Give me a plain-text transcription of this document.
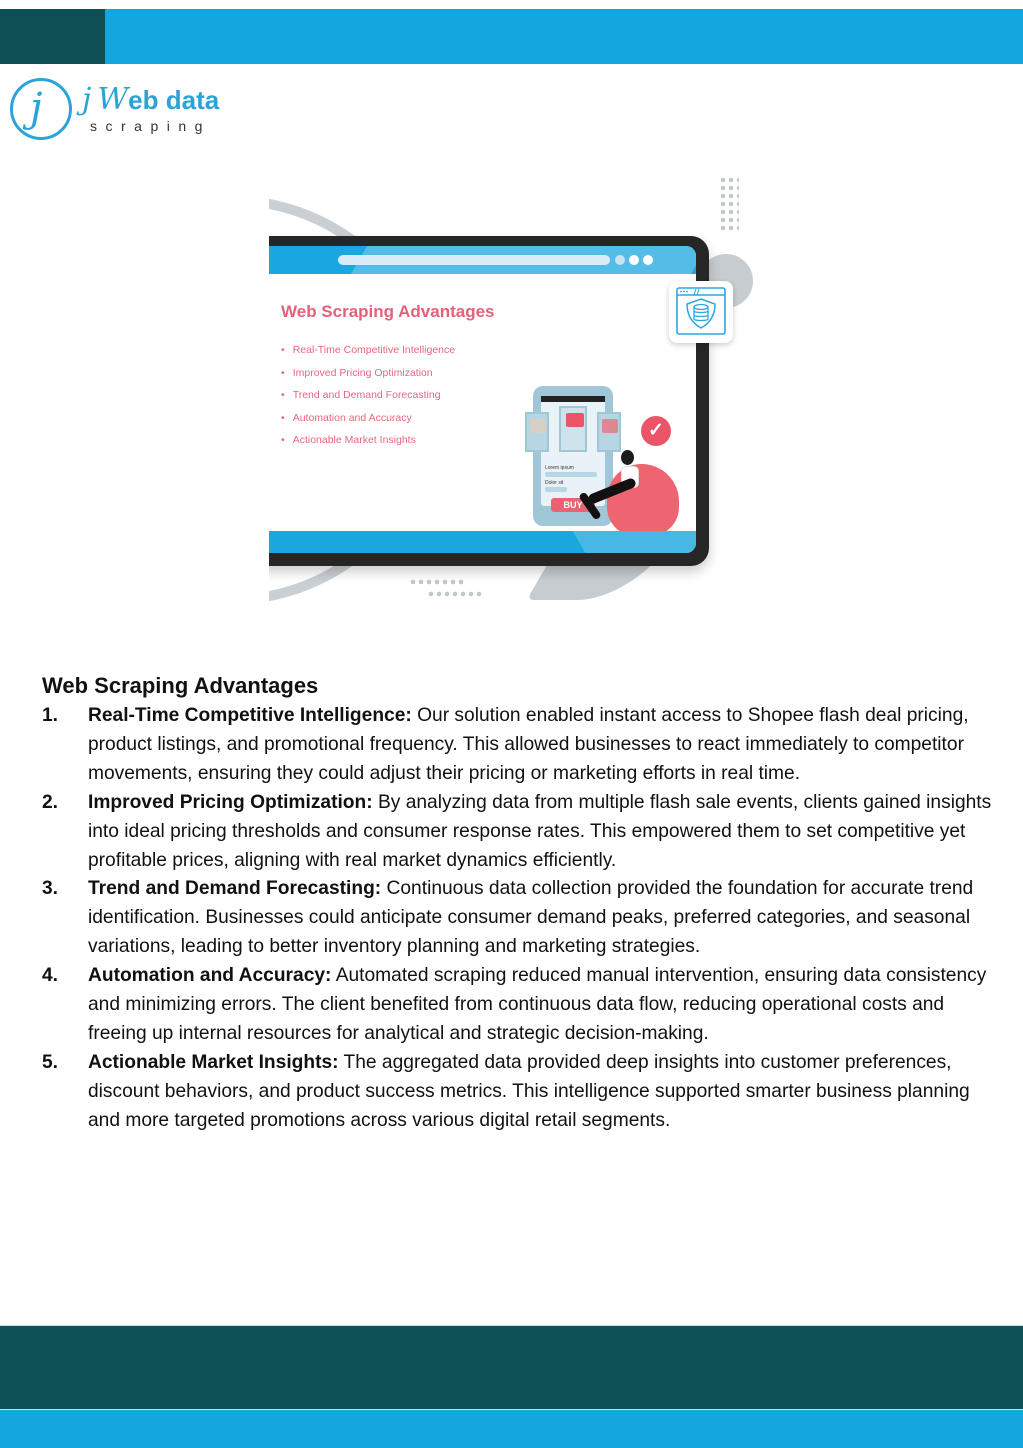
j j Web data
scraping
Web Scraping Advantages
• Real-Time Competitive Intelligence
• Improved Pricing Optimization
• Trend and Demand Forecasting
• Automation and Accuracy
• Actionable Market Insights
Lorem ipsum
Dolor sit
BUY
✓
Web Scraping Advantages
1. Real-Time Competitive Intelligence: Our solution enabled instant access to Shopee flash deal pricing, product listings, and promotional frequency. This allowed businesses to react immediately to competitor movements, ensuring they could adjust their pricing or marketing efforts in real time.
2. Improved Pricing Optimization: By analyzing data from multiple flash sale events, clients gained insights into ideal pricing thresholds and consumer response rates. This empowered them to set competitive yet profitable prices, aligning with real market dynamics efficiently.
3. Trend and Demand Forecasting: Continuous data collection provided the foundation for accurate trend identification. Businesses could anticipate consumer demand peaks, preferred categories, and seasonal variations, leading to better inventory planning and marketing strategies.
4. Automation and Accuracy: Automated scraping reduced manual intervention, ensuring data consistency and minimizing errors. The client benefited from continuous data flow, reducing operational costs and freeing up internal resources for analytical and strategic decision-making.
5. Actionable Market Insights: The aggregated data provided deep insights into customer preferences, discount behaviors, and product success metrics. This intelligence supported smarter business planning and more targeted promotions across various digital retail segments.
